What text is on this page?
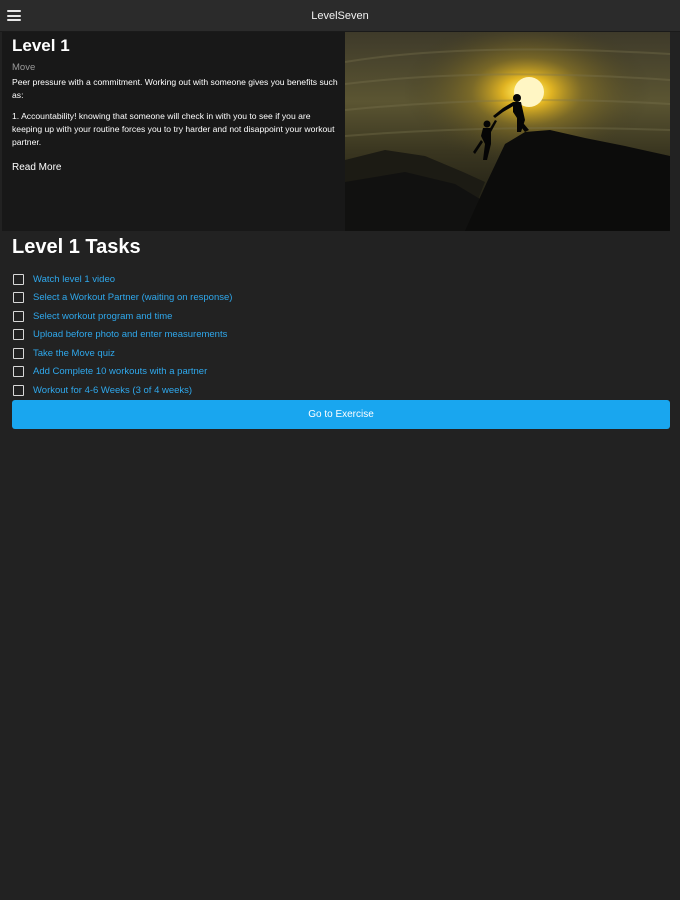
LevelSeven
Level 1
Move

Peer pressure with a commitment. Working out with someone gives you benefits such as:

1. Accountability! knowing that someone will check in with you to see if you are keeping up with your routine forces you to try harder and not disappoint your workout partner.

Read More
Level 1 Tasks
Watch level 1 video
Select a Workout Partner (waiting on response)
Select workout program and time
Upload before photo and enter measurements
Take the Move quiz
Add Complete 10 workouts with a partner
Workout for 4-6 Weeks (3 of 4 weeks)
Go to Exercise
